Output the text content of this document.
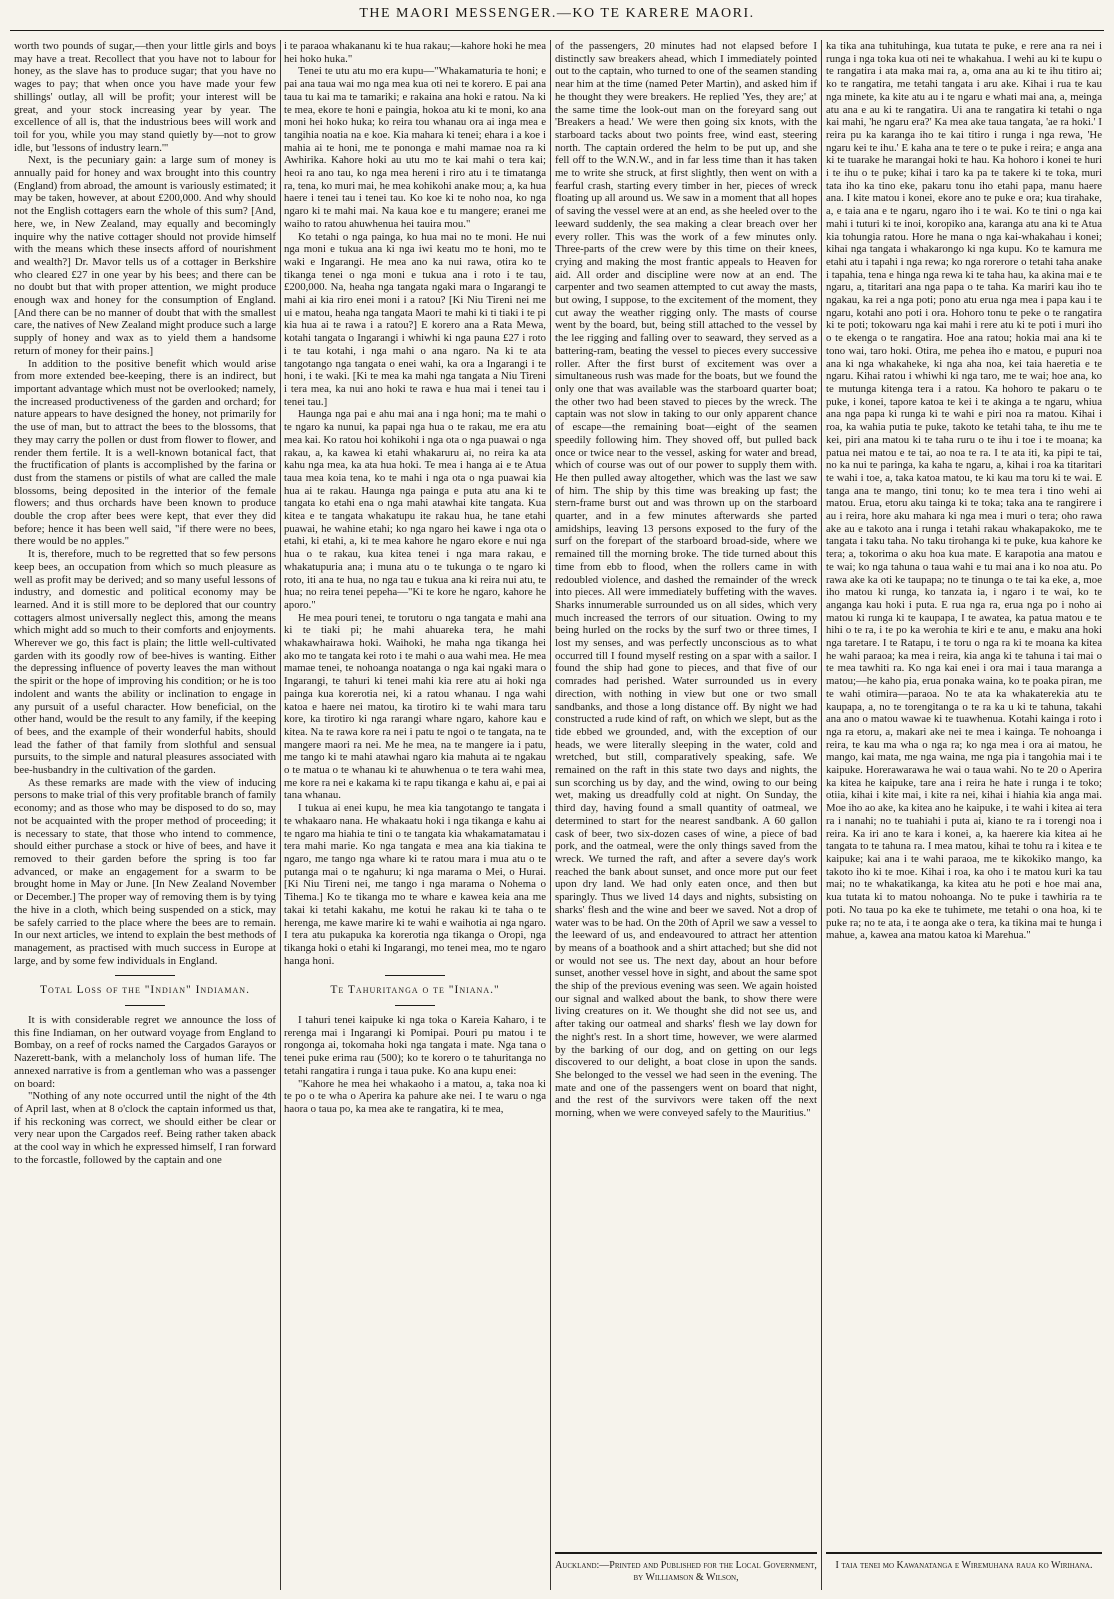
THE MAORI MESSENGER.—KO TE KARERE MAORI.

worth two pounds of sugar,—then your little girls and boys may have a treat. Recollect that you have not to labour for honey, as the slave has to produce sugar; that you have no wages to pay; that when once you have made your few shillings' outlay, all will be profit; your interest will be great, and your stock increasing year by year. The excellence of all is, that the industrious bees will work and toil for you, while you may stand quietly by—not to grow idle, but 'lessons of industry learn.'"

Next, is the pecuniary gain: a large sum of money is annually paid for honey and wax brought into this country (England) from abroad, the amount is variously estimated; it may be taken, however, at about £200,000. And why should not the English cottagers earn the whole of this sum? [And, here, we, in New Zealand, may equally and becomingly inquire why the native cottager should not provide himself with the means which these insects afford of nourishment and wealth?] Dr. Mavor tells us of a cottager in Berkshire who cleared £27 in one year by his bees; and there can be no doubt but that with proper attention, we might produce enough wax and honey for the consumption of England. [And there can be no manner of doubt that with the smallest care, the natives of New Zealand might produce such a large supply of honey and wax as to yield them a handsome return of money for their pains.]

In addition to the positive benefit which would arise from more extended bee-keeping, there is an indirect, but important advantage which must not be overlooked; namely, the increased productiveness of the garden and orchard; for nature appears to have designed the honey, not primarily for the use of man, but to attract the bees to the blossoms, that they may carry the pollen or dust from flower to flower, and render them fertile. It is a well-known botanical fact, that the fructification of plants is accomplished by the farina or dust from the stamens or pistils of what are called the male blossoms, being deposited in the interior of the female flowers; and thus orchards have been known to produce double the crop after bees were kept, that ever they did before; hence it has been well said, "if there were no bees, there would be no apples."

It is, therefore, much to be regretted that so few persons keep bees, an occupation from which so much pleasure as well as profit may be derived; and so many useful lessons of industry, and domestic and political economy may be learned. And it is still more to be deplored that our country cottagers almost universally neglect this, among the means which might add so much to their comforts and enjoyments. Wherever we go, this fact is plain; the little well-cultivated garden with its goodly row of bee-hives is wanting. Either the depressing influence of poverty leaves the man without the spirit or the hope of improving his condition; or he is too indolent and wants the ability or inclination to engage in any pursuit of a useful character. How beneficial, on the other hand, would be the result to any family, if the keeping of bees, and the example of their wonderful habits, should lead the father of that family from slothful and sensual pursuits, to the simple and natural pleasures associated with bee-husbandry in the cultivation of the garden.

As these remarks are made with the view of inducing persons to make trial of this very profitable branch of family economy; and as those who may be disposed to do so, may not be acquainted with the proper method of proceeding; it is necessary to state, that those who intend to commence, should either purchase a stock or hive of bees, and have it removed to their garden before the spring is too far advanced, or make an engagement for a swarm to be brought home in May or June. [In New Zealand November or December.] The proper way of removing them is by tying the hive in a cloth, which being suspended on a stick, may be safely carried to the place where the bees are to remain. In our next articles, we intend to explain the best methods of management, as practised with much success in Europe at large, and by some few individuals in England.

Total Loss of the "Indian" Indiaman.

It is with considerable regret we announce the loss of this fine Indiaman, on her outward voyage from England to Bombay, on a reef of rocks named the Cargados Garayos or Nazerett-bank, with a melancholy loss of human life. The annexed narrative is from a gentleman who was a passenger on board:

"Nothing of any note occurred until the night of the 4th of April last, when at 8 o'clock the captain informed us that, if his reckoning was correct, we should either be clear or very near upon the Cargados reef. Being rather taken aback at the cool way in which he expressed himself, I ran forward to the forcastle, followed by the captain and one

i te paraoa whakananu ki te hua rakau;—kahore hoki he mea hei hoko huka."

Tenei te utu atu mo era kupu—"Whakamaturia te honi; e pai ana taua wai mo nga mea kua oti nei te korero. E pai ana taua tu kai ma te tamariki; e rakaina ana hoki e ratou. Na ki te mea, ekore te honi e paingia, hokoa atu ki te moni, ko ana moni hei hoko huka; ko reira tou whanau ora ai inga mea e tangihia noatia na e koe. Kia mahara ki tenei; ehara i a koe i mahia ai te honi, me te pononga e mahi mamae noa ra ki Awhirika. Kahore hoki au utu mo te kai mahi o tera kai; heoi ra ano tau, ko nga mea hereni i riro atu i te timatanga ra, tena, ko muri mai, he mea kohikohi anake mou; a, ka hua haere i tenei tau i tenei tau. Ko koe ki te noho noa, ko nga ngaro ki te mahi mai. Na kaua koe e tu mangere; eranei me waiho to ratou ahuwhenua hei tauira mou."

Ko tetahi o nga painga, ko hua mai no te moni. He nui nga moni e tukua ana ki nga iwi keatu mo te honi, mo te waki e Ingarangi. He mea ano ka nui rawa, otira ko te tikanga tenei o nga moni e tukua ana i roto i te tau, £200,000. Na, heaha nga tangata ngaki mara o Ingarangi te mahi ai kia riro enei moni i a ratou? [Ki Niu Tireni nei me ui e matou, heaha nga tangata Maori te mahi ki ti tiaki i te pi kia hua ai te rawa i a ratou?] E korero ana a Rata Mewa, kotahi tangata o Ingarangi i whiwhi ki nga pauna £27 i roto i te tau kotahi, i nga mahi o ana ngaro. Na ki te ata tangotango nga tangata o enei wahi, ka ora a Ingarangi i te honi, i te waki. [Ki te mea ka mahi nga tangata a Niu Tireni i tera mea, ka nui ano hoki te rawa e hua mai i tenei tau i tenei tau.]

Haunga nga pai e ahu mai ana i nga honi; ma te mahi o te ngaro ka nunui, ka papai nga hua o te rakau, me era atu mea kai. Ko ratou hoi kohikohi i nga ota o nga puawai o nga rakau, a, ka kawea ki etahi whakaruru ai, no reira ka ata kahu nga mea, ka ata hua hoki. Te mea i hanga ai e te Atua taua mea koia tena, ko te mahi i nga ota o nga puawai kia hua ai te rakau. Haunga nga painga e puta atu ana ki te tangata ko etahi ena o nga mahi atawhai kite tangata. Kua kitea e te tangata whakatupu ite rakau hua, he tane etahi puawai, he wahine etahi; ko nga ngaro hei kawe i nga ota o etahi, ki etahi, a, ki te mea kahore he ngaro ekore e nui nga hua o te rakau, kua kitea tenei i nga mara rakau, e whakatupuria ana; i muna atu o te tukunga o te ngaro ki roto, iti ana te hua, no nga tau e tukua ana ki reira nui atu, te hua; no reira tenei pepeha—"Ki te kore he ngaro, kahore he aporo."

He mea pouri tenei, te torutoru o nga tangata e mahi ana ki te tiaki pi; he mahi ahuareka tera, he mahi whakawhairawa hoki. Waihoki, he maha nga tikanga hei ako mo te tangata kei roto i te mahi o aua wahi mea. He mea mamae tenei, te nohoanga noatanga o nga kai ngaki mara o Ingarangi, te tahuri ki tenei mahi kia rere atu ai hoki nga painga kua korerotia nei, ki a ratou whanau. I nga wahi katoa e haere nei matou, ka tirotiro ki te wahi mara taru kore, ka tirotiro ki nga rarangi whare ngaro, kahore kau e kitea. Na te rawa kore ra nei i patu te ngoi o te tangata, na te mangere maori ra nei. Me he mea, na te mangere ia i patu, me tango ki te mahi atawhai ngaro kia mahuta ai te ngakau o te matua o te whanau ki te ahuwhenua o te tera wahi mea, me kore ra nei e kakama ki te rapu tikanga e kahu ai, e pai ai tana whanau.

I tukua ai enei kupu, he mea kia tangotango te tangata i te whakaaro nana. He whakaatu hoki i nga tikanga e kahu ai te ngaro ma hiahia te tini o te tangata kia whakamatamatau i tera mahi marie. Ko nga tangata e mea ana kia tiakina te ngaro, me tango nga whare ki te ratou mara i mua atu o te putanga mai o te ngahuru; ki nga marama o Mei, o Hurai. [Ki Niu Tireni nei, me tango i nga marama o Nohema o Tihema.] Ko te tikanga mo te whare e kawea keia ana me takai ki tetahi kakahu, me kotui he rakau ki te taha o te herenga, me kawe marire ki te wahi e waihotia ai nga ngaro. I tera atu pukapuka ka korerotia nga tikanga o Oropi, nga tikanga hoki o etahi ki Ingarangi, mo tenei mea, mo te ngaro hanga honi.

Te Tahuritanga o te "Iniana."

I tahuri tenei kaipuke ki nga toka o Kareia Kaharo, i te rerenga mai i Ingarangi ki Pomipai. Pouri pu matou i te rongonga ai, tokomaha hoki nga tangata i mate. Nga tana o tenei puke erima rau (500); ko te korero o te tahuritanga no tetahi rangatira i runga i taua puke. Ko ana kupu enei:

"Kahore he mea hei whakaoho i a matou, a, taka noa ki te po o te wha o Aperira ka pahure ake nei. I te waru o nga haora o taua po, ka mea ake te rangatira, ki te mea,

of the passengers, 20 minutes had not elapsed before I distinctly saw breakers ahead, which I immediately pointed out to the captain, who turned to one of the seamen standing near him at the time (named Peter Martin), and asked him if he thought they were breakers. He replied 'Yes, they are;' at the same time the look-out man on the foreyard sang out 'Breakers a head.' We were then going six knots, with the starboard tacks about two points free, wind east, steering north. The captain ordered the helm to be put up, and she fell off to the W.N.W., and in far less time than it has taken me to write she struck, at first slightly, then went on with a fearful crash, starting every timber in her, pieces of wreck floating up all around us. We saw in a moment that all hopes of saving the vessel were at an end, as she heeled over to the leeward suddenly, the sea making a clear breach over her every roller. This was the work of a few minutes only. Three-parts of the crew were by this time on their knees, crying and making the most frantic appeals to Heaven for aid. All order and discipline were now at an end. The carpenter and two seamen attempted to cut away the masts, but owing, I suppose, to the excitement of the moment, they cut away the weather rigging only. The masts of course went by the board, but, being still attached to the vessel by the lee rigging and falling over to seaward, they served as a battering-ram, beating the vessel to pieces every successive roller. After the first burst of excitement was over a simultaneous rush was made for the boats, but we found the only one that was available was the starboard quarter boat; the other two had been staved to pieces by the wreck. The captain was not slow in taking to our only apparent chance of escape—the remaining boat—eight of the seamen speedily following him. They shoved off, but pulled back once or twice near to the vessel, asking for water and bread, which of course was out of our power to supply them with. He then pulled away altogether, which was the last we saw of him. The ship by this time was breaking up fast; the stern-frame burst out and was thrown up on the starboard quarter, and in a few minutes afterwards she parted amidships, leaving 13 persons exposed to the fury of the surf on the forepart of the starboard broad-side, where we remained till the morning broke. The tide turned about this time from ebb to flood, when the rollers came in with redoubled violence, and dashed the remainder of the wreck into pieces. All were immediately buffeting with the waves. Sharks innumerable surrounded us on all sides, which very much increased the terrors of our situation. Owing to my being hurled on the rocks by the surf two or three times, I lost my senses, and was perfectly unconscious as to what occurred till I found myself resting on a spar with a sailor. I found the ship had gone to pieces, and that five of our comrades had perished. Water surrounded us in every direction, with nothing in view but one or two small sandbanks, and those a long distance off. By night we had constructed a rude kind of raft, on which we slept, but as the tide ebbed we grounded, and, with the exception of our heads, we were literally sleeping in the water, cold and wretched, but still, comparatively speaking, safe. We remained on the raft in this state two days and nights, the sun scorching us by day, and the wind, owing to our being wet, making us dreadfully cold at night. On Sunday, the third day, having found a small quantity of oatmeal, we determined to start for the nearest sandbank. A 60 gallon cask of beer, two six-dozen cases of wine, a piece of bad pork, and the oatmeal, were the only things saved from the wreck. We turned the raft, and after a severe day's work reached the bank about sunset, and once more put our feet upon dry land. We had only eaten once, and then but sparingly. Thus we lived 14 days and nights, subsisting on sharks' flesh and the wine and beer we saved. Not a drop of water was to be had. On the 20th of April we saw a vessel to the leeward of us, and endeavoured to attract her attention by means of a boathook and a shirt attached; but she did not or would not see us. The next day, about an hour before sunset, another vessel hove in sight, and about the same spot the ship of the previous evening was seen. We again hoisted our signal and walked about the bank, to show there were living creatures on it. We thought she did not see us, and after taking our oatmeal and sharks' flesh we lay down for the night's rest. In a short time, however, we were alarmed by the barking of our dog, and on getting on our legs discovered to our delight, a boat close in upon the sands. She belonged to the vessel we had seen in the evening. The mate and one of the passengers went on board that night, and the rest of the survivors were taken off the next morning, when we were conveyed safely to the Mauritius."

ka tika ana tuhituhinga, kua tutata te puke, e rere ana ra nei i runga i nga toka kua oti nei te whakahua. I wehi au ki te kupu o te rangatira i ata maka mai ra, a, oma ana au ki te ihu titiro ai; ko te rangatira, me tetahi tangata i aru ake. Kihai i rua te kau nga minete, ka kite atu au i te ngaru e whati mai ana, a, meinga atu ana e au ki te rangatira. Ui ana te rangatira ki tetahi o nga kai mahi, 'he ngaru era?' Ka mea ake taua tangata, 'ae ra hoki.' I reira pu ka karanga iho te kai titiro i runga i nga rewa, 'He ngaru kei te ihu.' E kaha ana te tere o te puke i reira; e anga ana ki te tuarake he marangai hoki te hau. Ka hohoro i konei te huri i te ihu o te puke; kihai i taro ka pa te takere ki te toka, muri tata iho ka tino eke, pakaru tonu iho etahi papa, manu haere ana. I kite matou i konei, ekore ano te puke e ora; kua tirahake, a, e taia ana e te ngaru, ngaro iho i te wai. Ko te tini o nga kai mahi i tuturi ki te inoi, koropiko ana, karanga atu ana ki te Atua kia tohungia ratou. Hore he mana o nga kai-whakahau i konei; kihai nga tangata i whakarongo ki nga kupu. Ko te kamura me etahi atu i tapahi i nga rewa; ko nga rorerore o tetahi taha anake i tapahia, tena e hinga nga rewa ki te taha hau, ka akina mai e te ngaru, a, titaritari ana nga papa o te taha. Ka mariri kau iho te ngakau, ka rei a nga poti; pono atu erua nga mea i papa kau i te ngaru, kotahi ano poti i ora. Hohoro tonu te peke o te rangatira ki te poti; tokowaru nga kai mahi i rere atu ki te poti i muri iho o te ekenga o te rangatira. Hoe ana ratou; hokia mai ana ki te tono wai, taro hoki. Otira, me pehea iho e matou, e pupuri noa ana ki nga whakaheke, ki nga aha noa, kei taia haeretia e te ngaru. Kihai ratou i whiwhi ki nga taro, me te wai; hoe ana, ko te mutunga kitenga tera i a ratou. Ka hohoro te pakaru o te puke, i konei, tapore katoa te kei i te akinga a te ngaru, whiua ana nga papa ki runga ki te wahi e piri noa ra matou. Kihai i roa, ka wahia putia te puke, takoto ke tetahi taha, te ihu me te kei, piri ana matou ki te taha ruru o te ihu i toe i te moana; ka patua nei matou e te tai, ao noa te ra. I te ata iti, ka pipi te tai, no ka nui te paringa, ka kaha te ngaru, a, kihai i roa ka titaritari te wahi i toe, a, taka katoa matou, te ki kau ma toru ki te wai. E tanga ana te mango, tini tonu; ko te mea tera i tino wehi ai matou. Erua, etoru aku tainga ki te toka; taka ana te rangirere i au i reira, hore aku mahara ki nga mea i muri o tera; oho rawa ake au e takoto ana i runga i tetahi rakau whakapakoko, me te tangata i taku taha. No taku tirohanga ki te puke, kua kahore ke tera; a, tokorima o aku hoa kua mate. E karapotia ana matou e te wai; ko nga tahuna o taua wahi e tu mai ana i ko noa atu. Po rawa ake ka oti ke taupapa; no te tinunga o te tai ka eke, a, moe iho matou ki runga, ko tanzata ia, i ngaro i te wai, ko te anganga kau hoki i puta. E rua nga ra, erua nga po i noho ai matou ki runga ki te kaupapa, I te awatea, ka patua matou e te hihi o te ra, i te po ka werohia te kiri e te anu, e maku ana hoki nga taretare. I te Ratapu, i te toru o nga ra ki te moana ka kitea he wahi paraoa; ka mea i reira, kia anga ki te tahuna i tai mai o te mea tawhiti ra. Ko nga kai enei i ora mai i taua maranga a matou;—he kaho pia, erua ponaka waina, ko te poaka piran, me te wahi otimira—paraoa. No te ata ka whakaterekia atu te kaupapa, a, no te torengitanga o te ra ka u ki te tahuna, takahi ana ano o matou wawae ki te tuawhenua. Kotahi kainga i roto i nga ra etoru, a, makari ake nei te mea i kainga. Te nohoanga i reira, te kau ma wha o nga ra; ko nga mea i ora ai matou, he mango, kai mata, me nga waina, me nga pia i tangohia mai i te kaipuke. Horerawarawa he wai o taua wahi. No te 20 o Aperira ka kitea he kaipuke, tare ana i reira he hate i runga i te toko; otiia, kihai i kite mai, i kite ra nei, kihai i hiahia kia anga mai. Moe iho ao ake, ka kitea ano he kaipuke, i te wahi i kitea ai tera ra i nanahi; no te tuahiahi i puta ai, kiano te ra i torengi noa i reira. Ka iri ano te kara i konei, a, ka haerere kia kitea ai he tangata to te tahuna ra. I mea matou, kihai te tohu ra i kitea e te kaipuke; kai ana i te wahi paraoa, me te kikokiko mango, ka takoto iho ki te moe. Kihai i roa, ka oho i te matou kuri ka tau mai; no te whakatikanga, ka kitea atu he poti e hoe mai ana, kua tutata ki to matou nohoanga. No te puke i tawhiria ra te poti. No taua po ka eke te tuhimete, me tetahi o ona hoa, ki te puke ra; no te ata, i te aonga ake o tera, ka tikina mai te hunga i mahue, a, kawea ana matou katoa ki Marehua."

Auckland:—Printed and Published for the Local Government, by Williamson & Wilson,
I taia tenei mo Kawanatanga e Wiremuhana raua ko Wirihana.
